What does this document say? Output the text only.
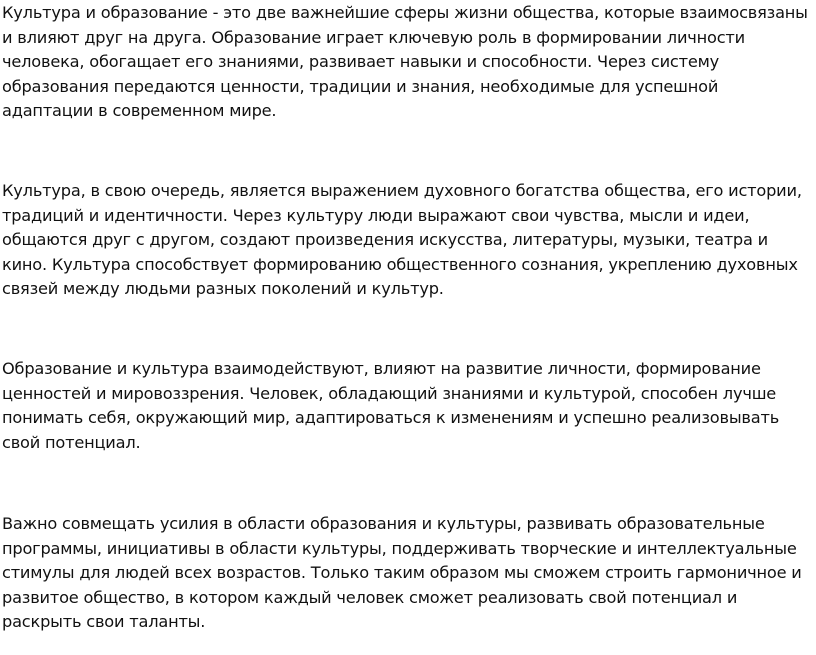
Культура и образование - это две важнейшие сферы жизни общества, которые взаимосвязаны и влияют друг на друга. Образование играет ключевую роль в формировании личности человека, обогащает его знаниями, развивает навыки и способности. Через систему образования передаются ценности, традиции и знания, необходимые для успешной адаптации в современном мире.

Культура, в свою очередь, является выражением духовного богатства общества, его истории, традиций и идентичности. Через культуру люди выражают свои чувства, мысли и идеи, общаются друг с другом, создают произведения искусства, литературы, музыки, театра и кино. Культура способствует формированию общественного сознания, укреплению духовных связей между людьми разных поколений и культур.

Образование и культура взаимодействуют, влияют на развитие личности, формирование ценностей и мировоззрения. Человек, обладающий знаниями и культурой, способен лучше понимать себя, окружающий мир, адаптироваться к изменениям и успешно реализовывать свой потенциал.

Важно совмещать усилия в области образования и культуры, развивать образовательные программы, инициативы в области культуры, поддерживать творческие и интеллектуальные стимулы для людей всех возрастов. Только таким образом мы сможем строить гармоничное и развитое общество, в котором каждый человек сможет реализовать свой потенциал и раскрыть свои таланты.
